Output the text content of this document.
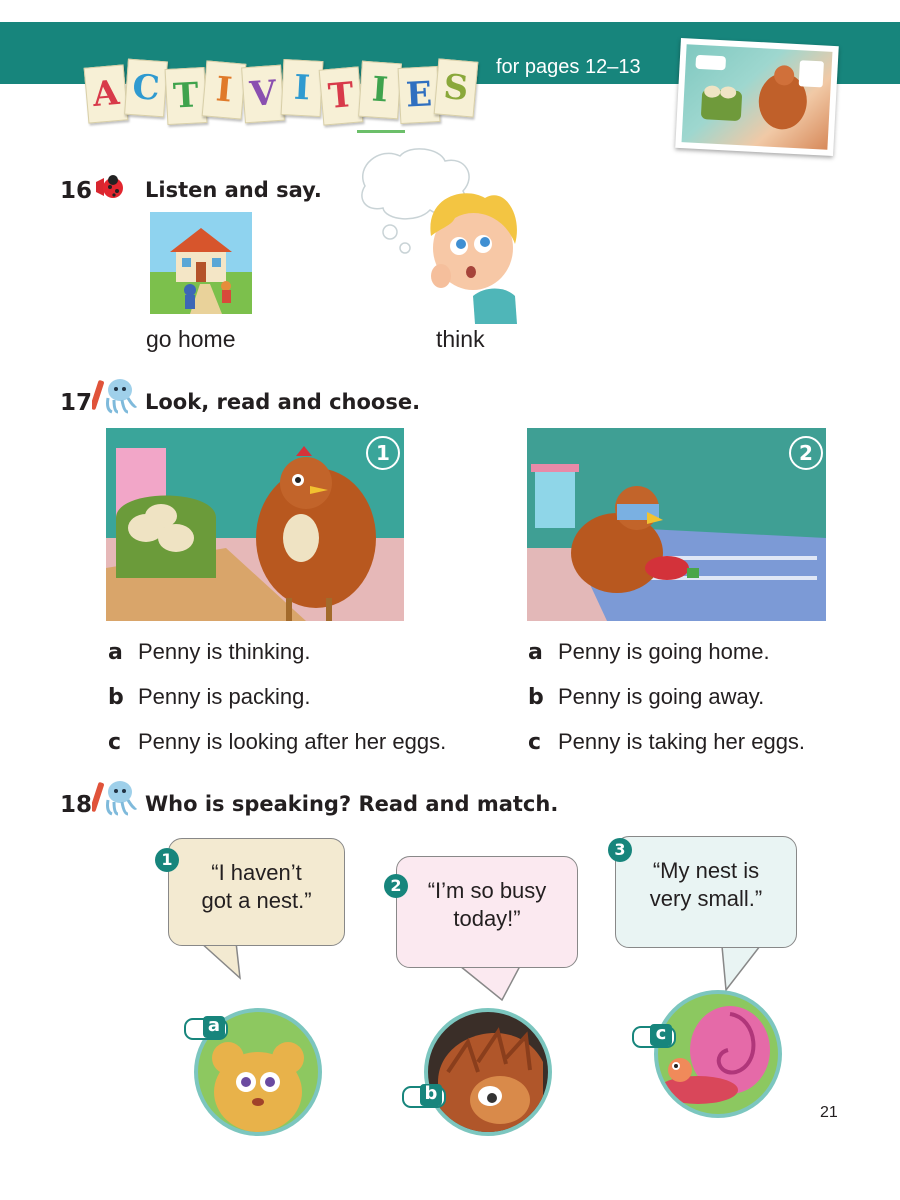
A C T I V I T I E S
for pages 12–13
16	Listen and say.
go home	think
17	Look, read and choose.
1	2
a Penny is thinking.
b Penny is packing.
c Penny is looking after her eggs.
a Penny is going home.
b Penny is going away.
c Penny is taking her eggs.
18	Who is speaking? Read and match.
“I haven’t
got a nest.”
1
“I’m so busy
today!”
2
“My nest is
very small.”
3
a
b
c
21
